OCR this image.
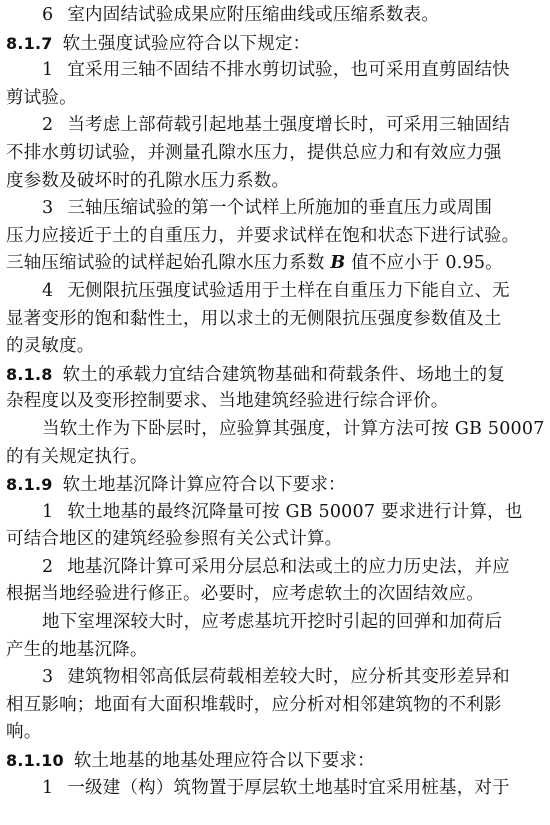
6 室内固结试验成果应附压缩曲线或压缩系数表。
8.1.7 软土强度试验应符合以下规定：
1 宜采用三轴不固结不排水剪切试验，也可采用直剪固结快
剪试验。
2 当考虑上部荷载引起地基土强度增长时，可采用三轴固结
不排水剪切试验，并测量孔隙水压力，提供总应力和有效应力强
度参数及破坏时的孔隙水压力系数。
3 三轴压缩试验的第一个试样上所施加的垂直压力或周围
压力应接近于土的自重压力，并要求试样在饱和状态下进行试验。
三轴压缩试验的试样起始孔隙水压力系数 B 值不应小于 0.95。
4 无侧限抗压强度试验适用于土样在自重压力下能自立、无
显著变形的饱和黏性土，用以求土的无侧限抗压强度参数值及土
的灵敏度。
8.1.8 软土的承载力宜结合建筑物基础和荷载条件、场地土的复
杂程度以及变形控制要求、当地建筑经验进行综合评价。
当软土作为下卧层时，应验算其强度，计算方法可按 GB 50007
的有关规定执行。
8.1.9 软土地基沉降计算应符合以下要求：
1 软土地基的最终沉降量可按 GB 50007 要求进行计算，也
可结合地区的建筑经验参照有关公式计算。
2 地基沉降计算可采用分层总和法或土的应力历史法，并应
根据当地经验进行修正。必要时，应考虑软土的次固结效应。
地下室埋深较大时，应考虑基坑开挖时引起的回弹和加荷后
产生的地基沉降。
3 建筑物相邻高低层荷载相差较大时，应分析其变形差异和
相互影响；地面有大面积堆载时，应分析对相邻建筑物的不利影
响。
8.1.10 软土地基的地基处理应符合以下要求：
1 一级建（构）筑物置于厚层软土地基时宜采用桩基，对于
